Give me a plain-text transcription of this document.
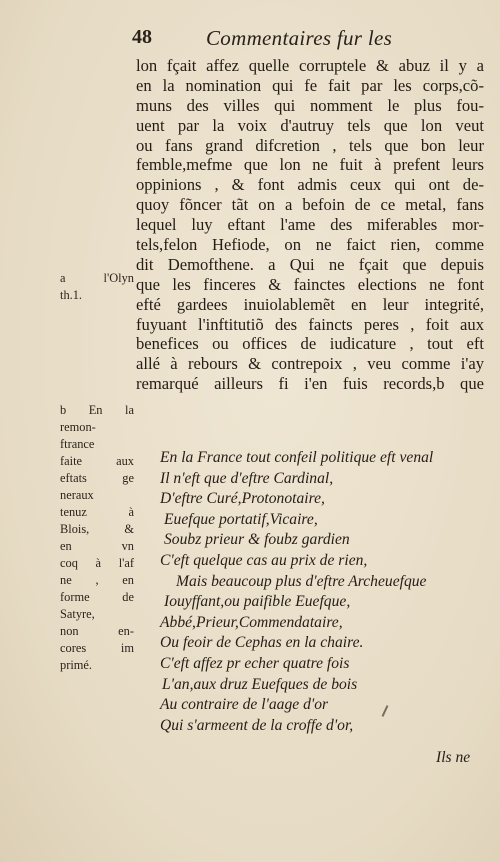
48	Commentaires fur les
lon fçait affez quelle corruptele & abuz il y a
en la nomination qui fe fait par les corps,cõ-
muns des villes qui nomment le plus fou-
uent par la voix d'autruy tels que lon veut
ou fans grand difcretion , tels que bon leur
femble,mefme que lon ne fuit à prefent leurs
oppinions , & font admis ceux qui ont de-
quoy fõncer tãt on a befoin de ce metal, fans
lequel luy eftant l'ame des miferables mor-
tels,felon Hefiode, on ne faict rien, comme
dit Demofthene. a Qui ne fçait que depuis
que les finceres & fainctes elections ne font
efté gardees inuiolablemẽt en leur integrité,
fuyuant l'inftitutiõ des faincts peres , foit aux
benefices ou offices de iudicature , tout eft
allé à rebours & contrepoix , veu comme i'ay
remarqué ailleurs fi i'en fuis records,b que
a l'Olyn
th.1.
b En la
remon-
ftrance
faite aux
eftats ge
neraux
tenuz à
Blois, &
en vn
coq à l'af
ne , en
forme de
Satyre,
non en-
cores im
primé.
En la France tout confeil politique eft venal
Il n'eft que d'eftre Cardinal,
D'eftre Curé,Protonotaire,
Euefque portatif,Vicaire,
Soubz prieur & foubz gardien
C'eft quelque cas au prix de rien,
Mais beaucoup plus d'eftre Archeuefque
Iouyffant,ou paifible Euefque,
Abbé,Prieur,Commendataire,
Ou feoir de Cephas en la chaire.
C'eft affez pr echer quatre fois
L'an,aux druz Euefques de bois
Au contraire de l'aage d'or
Qui s'armeent de la croffe d'or,
Ils ne
